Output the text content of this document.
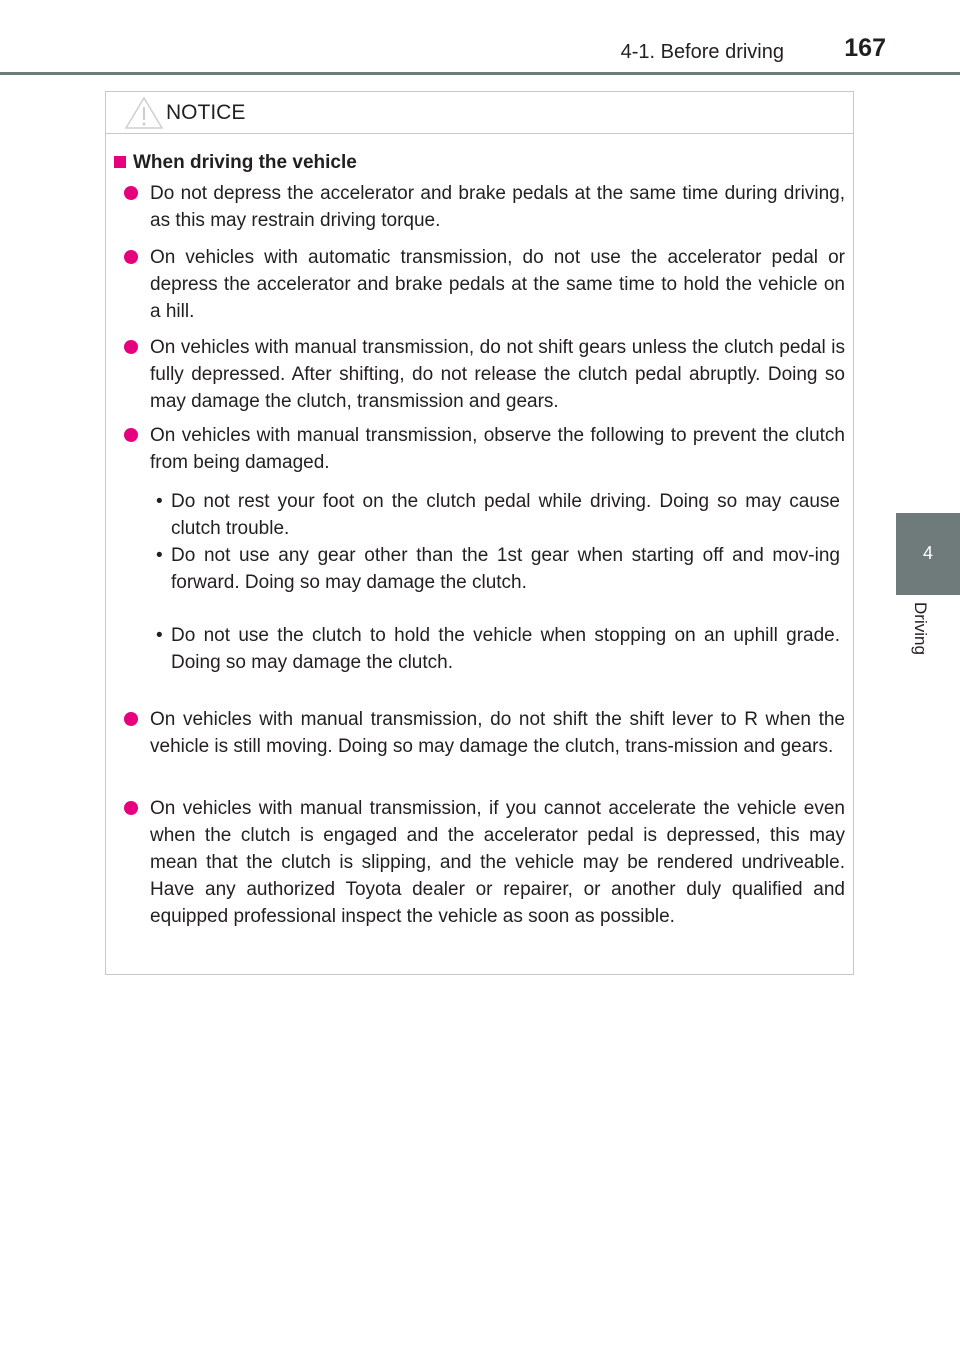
4-1. Before driving 167
4
Driving
NOTICE
When driving the vehicle
Do not depress the accelerator and brake pedals at the same time during driving, as this may restrain driving torque.
On vehicles with automatic transmission, do not use the accelerator pedal or depress the accelerator and brake pedals at the same time to hold the vehicle on a hill.
On vehicles with manual transmission, do not shift gears unless the clutch pedal is fully depressed. After shifting, do not release the clutch pedal abruptly. Doing so may damage the clutch, transmission and gears.
On vehicles with manual transmission, observe the following to prevent the clutch from being damaged.
• Do not rest your foot on the clutch pedal while driving. Doing so may cause clutch trouble.
• Do not use any gear other than the 1st gear when starting off and mov-ing forward. Doing so may damage the clutch.
• Do not use the clutch to hold the vehicle when stopping on an uphill grade. Doing so may damage the clutch.
On vehicles with manual transmission, do not shift the shift lever to R when the vehicle is still moving. Doing so may damage the clutch, trans-mission and gears.
On vehicles with manual transmission, if you cannot accelerate the vehicle even when the clutch is engaged and the accelerator pedal is depressed, this may mean that the clutch is slipping, and the vehicle may be rendered undriveable. Have any authorized Toyota dealer or repairer, or another duly qualified and equipped professional inspect the vehicle as soon as possible.
